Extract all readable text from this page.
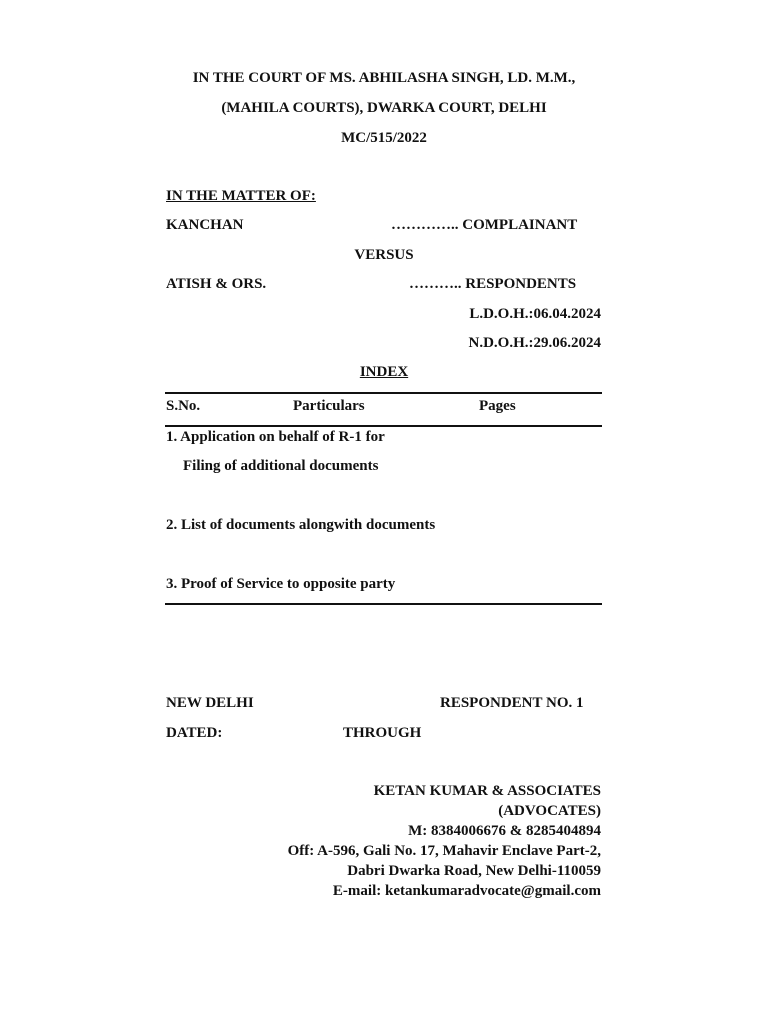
IN THE COURT OF MS. ABHILASHA SINGH, LD. M.M.,
(MAHILA COURTS), DWARKA COURT, DELHI
MC/515/2022
IN THE MATTER OF:
KANCHAN	………….. COMPLAINANT
VERSUS
ATISH & ORS.	……….. RESPONDENTS
L.D.O.H.:06.04.2024
N.D.O.H.:29.06.2024
INDEX
S.No.	Particulars	Pages
1. Application on behalf of R-1 for
Filing of additional documents
2. List of documents alongwith documents
3. Proof of Service to opposite party
NEW DELHI	RESPONDENT NO. 1
DATED:	THROUGH
KETAN KUMAR & ASSOCIATES
(ADVOCATES)
M: 8384006676 & 8285404894
Off: A-596, Gali No. 17, Mahavir Enclave Part-2,
Dabri Dwarka Road, New Delhi-110059
E-mail: ketankumaradvocate@gmail.com
